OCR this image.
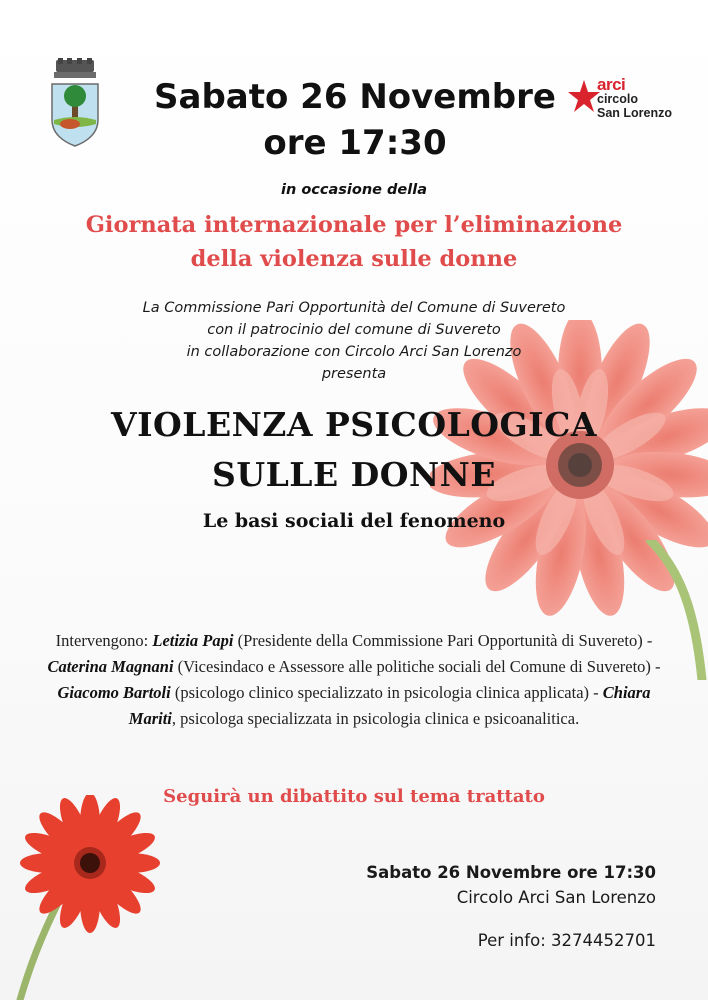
Sabato 26 Novembre
ore 17:30
arci
circolo
San Lorenzo
in occasione della
Giornata internazionale per l’eliminazione
della violenza sulle donne
La Commissione Pari Opportunità del Comune di Suvereto
con il patrocinio del comune di Suvereto
in collaborazione con Circolo Arci San Lorenzo
presenta
VIOLENZA PSICOLOGICA
SULLE DONNE
Le basi sociali del fenomeno
Intervengono: Letizia Papi (Presidente della Commissione Pari Opportunità di Suvereto) - Caterina Magnani (Vicesindaco e Assessore alle politiche sociali del Comune di Suvereto) - Giacomo Bartoli (psicologo clinico specializzato in psicologia clinica applicata) - Chiara Mariti, psicologa specializzata in psicologia clinica e psicoanalitica.
Seguirà un dibattito sul tema trattato
Sabato 26 Novembre ore 17:30
Circolo Arci San Lorenzo
Per info: 3274452701
